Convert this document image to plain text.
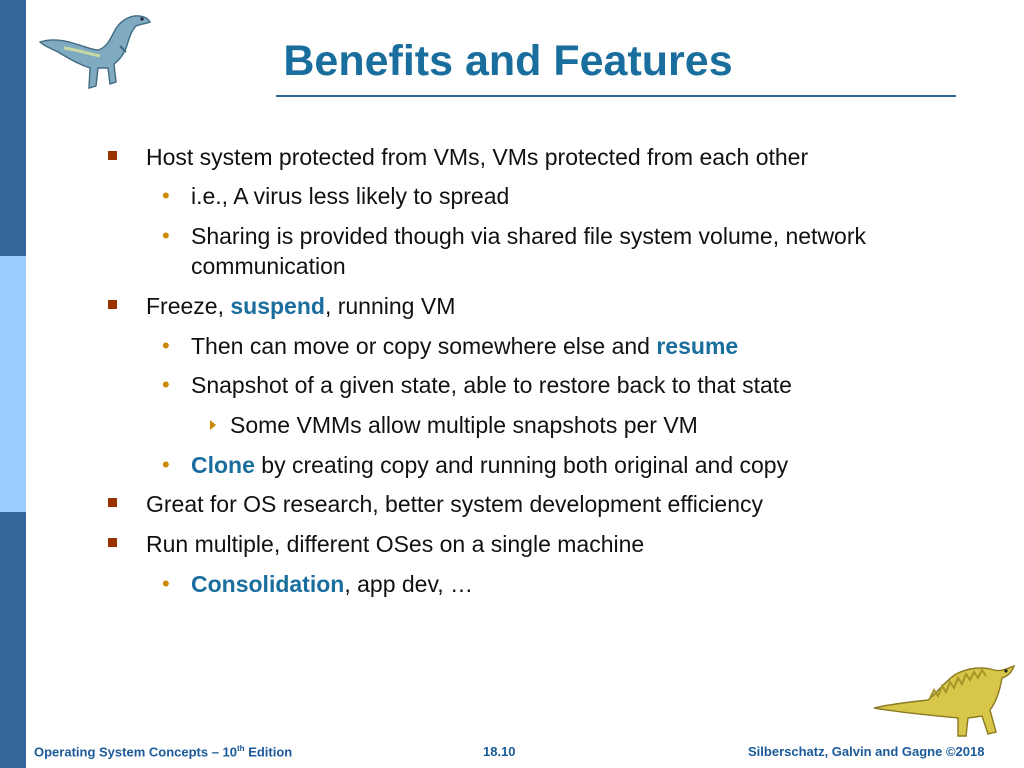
Benefits and Features
Host system protected from VMs, VMs protected from each other
• i.e., A virus less likely to spread
• Sharing is provided though via shared file system volume, network communication
Freeze, suspend, running VM
• Then can move or copy somewhere else and resume
• Snapshot of a given state, able to restore back to that state
Some VMMs allow multiple snapshots per VM
• Clone by creating copy and running both original and copy
Great for OS research, better system development efficiency
Run multiple, different OSes on a single machine
• Consolidation, app dev, …
Operating System Concepts – 10th Edition	18.10	Silberschatz, Galvin and Gagne ©2018
